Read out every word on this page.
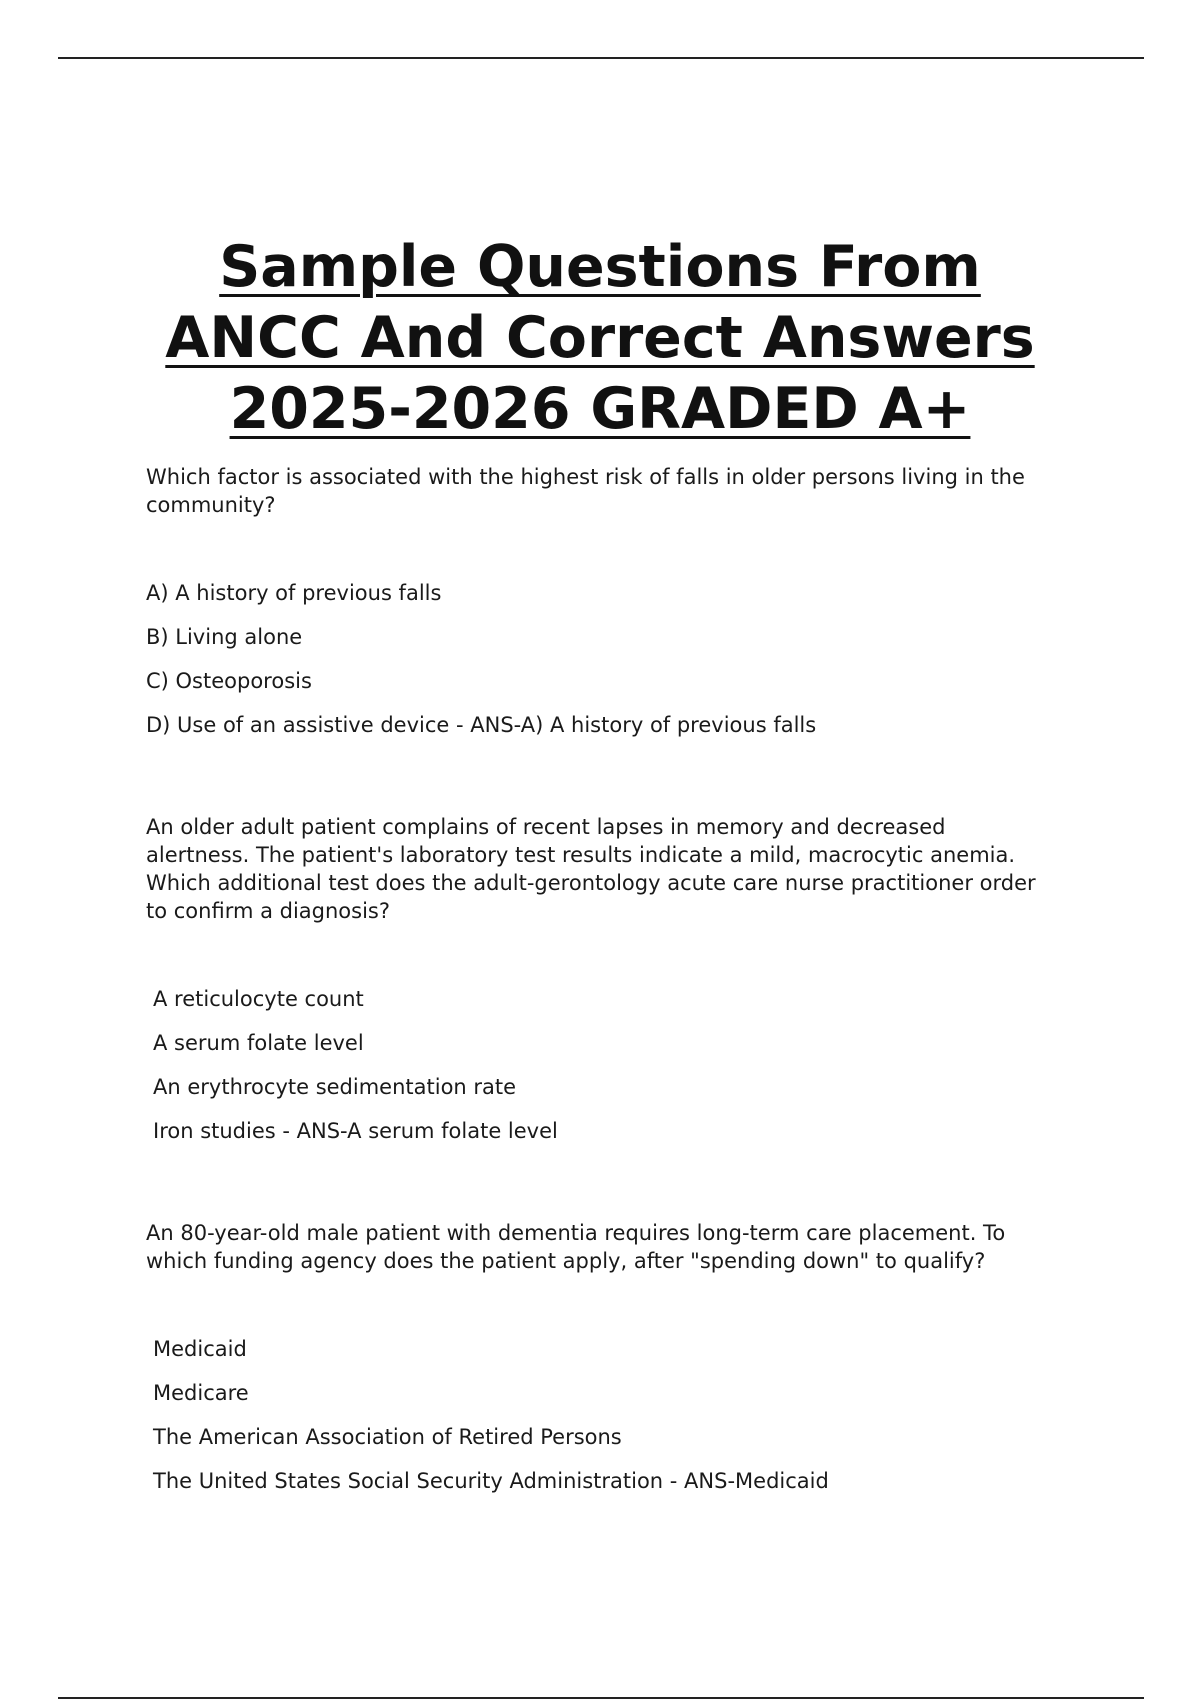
Sample Questions From
ANCC And Correct Answers
2025-2026 GRADED A+

Which factor is associated with the highest risk of falls in older persons living in the community?

A) A history of previous falls
B) Living alone
C) Osteoporosis
D) Use of an assistive device - ANS-A) A history of previous falls

An older adult patient complains of recent lapses in memory and decreased alertness. The patient's laboratory test results indicate a mild, macrocytic anemia. Which additional test does the adult-gerontology acute care nurse practitioner order to confirm a diagnosis?

A reticulocyte count
A serum folate level
An erythrocyte sedimentation rate
Iron studies - ANS-A serum folate level

An 80-year-old male patient with dementia requires long-term care placement. To which funding agency does the patient apply, after "spending down" to qualify?

Medicaid
Medicare
The American Association of Retired Persons
The United States Social Security Administration - ANS-Medicaid
